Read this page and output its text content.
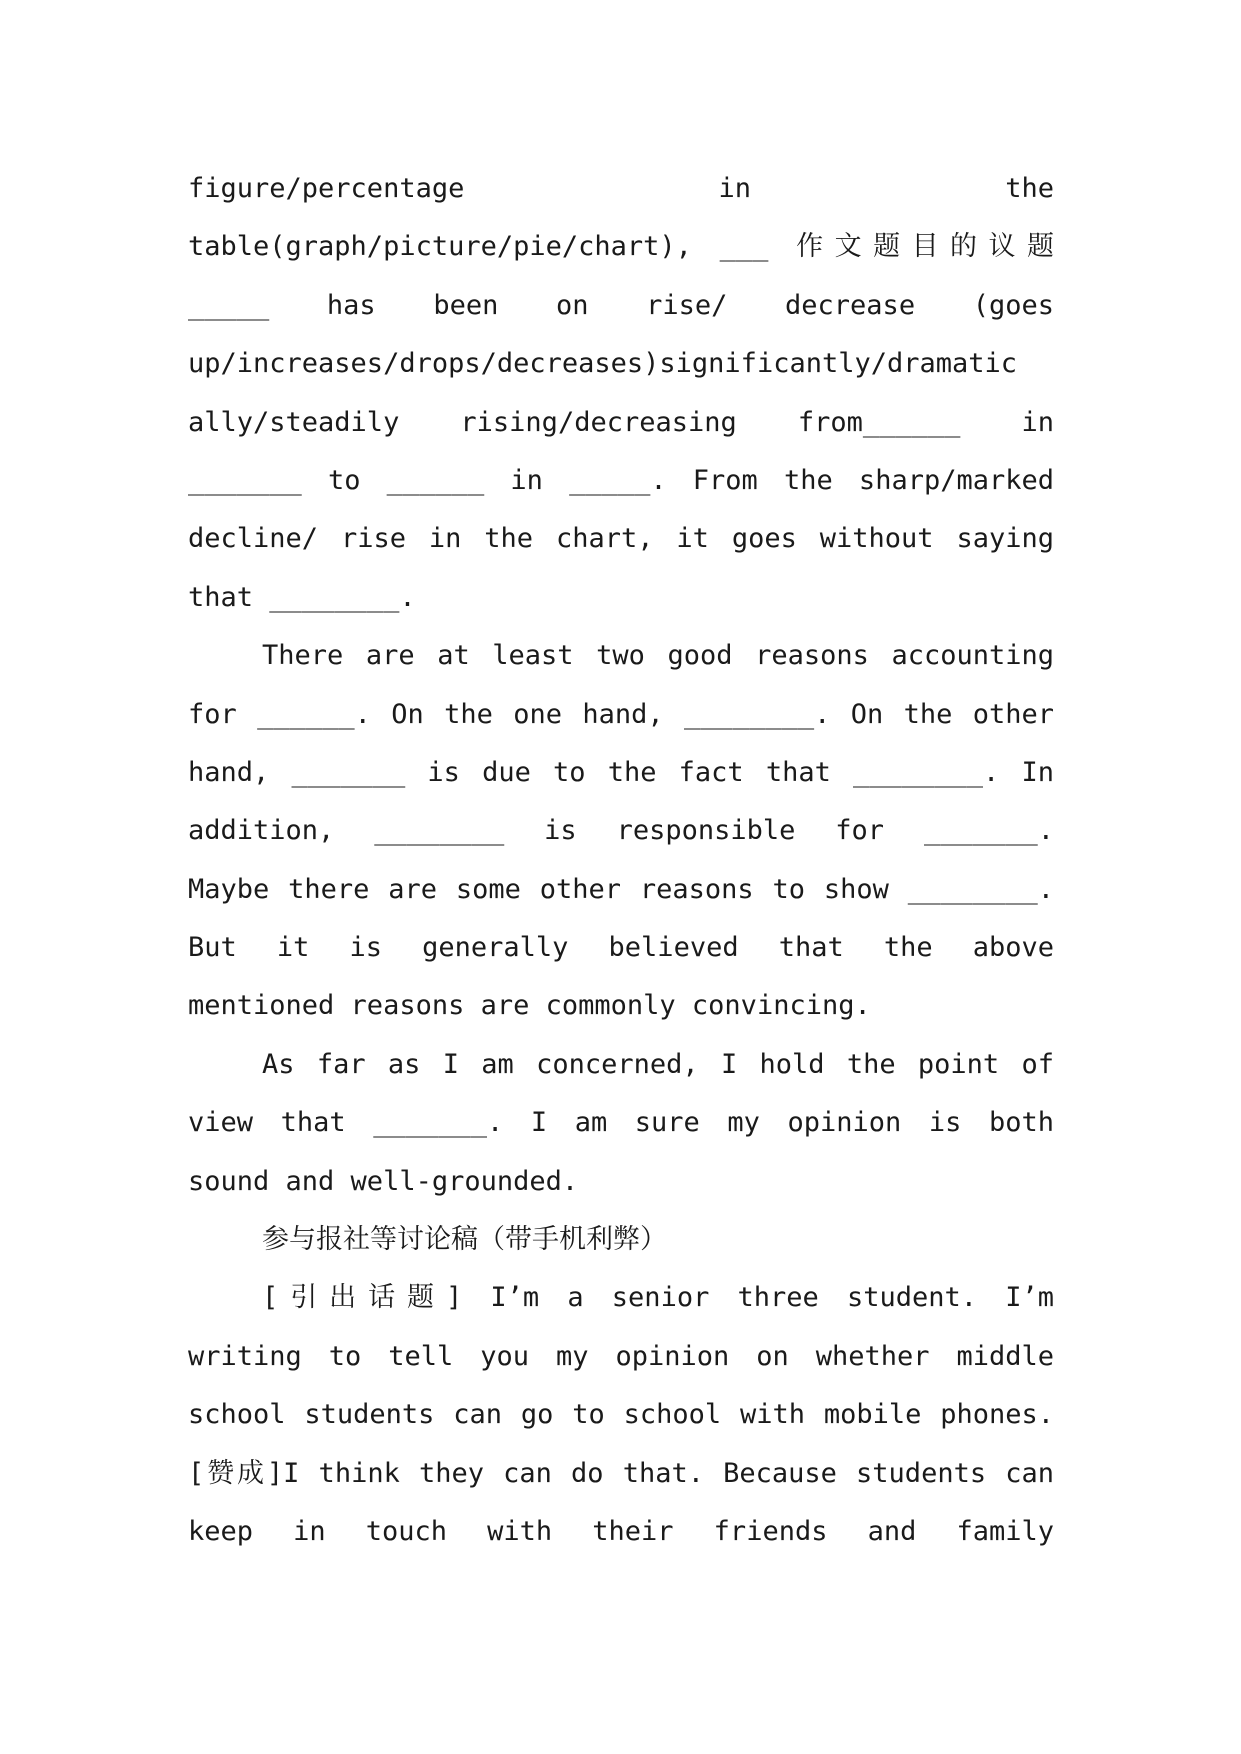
figure/percentage in the
table(graph/picture/pie/chart), ___ 作文题目的议题
_____ has been on rise/ decrease (goes
up/increases/drops/decreases)significantly/dramatic
ally/steadily rising/decreasing from______ in
_______ to ______ in _____. From the sharp/marked
decline/ rise in the chart, it goes without saying
that ________.
There are at least two good reasons accounting
for ______. On the one hand, ________. On the other
hand, _______ is due to the fact that ________. In
addition, ________ is responsible for _______.
Maybe there are some other reasons to show ________.
But it is generally believed that the above
mentioned reasons are commonly convincing.
As far as I am concerned, I hold the point of
view that _______. I am sure my opinion is both
sound and well-grounded.
参与报社等讨论稿（带手机利弊）
[引出话题] I’m a senior three student. I’m
writing to tell you my opinion on whether middle
school students can go to school with mobile phones.
[赞成]I think they can do that. Because students can
keep in touch with their friends and family
